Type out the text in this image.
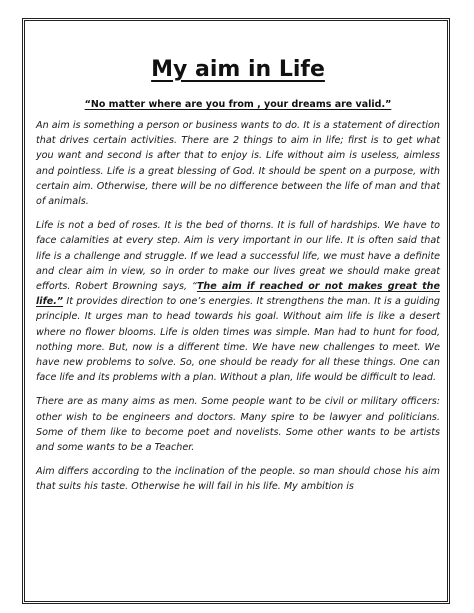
My aim in Life

“No matter where are you from , your dreams are valid.”

An aim is something a person or business wants to do. It is a statement of direction that drives certain activities. There are 2 things to aim in life; first is to get what you want and second is after that to enjoy is. Life without aim is useless, aimless and pointless. Life is a great blessing of God. It should be spent on a purpose, with certain aim. Otherwise, there will be no difference between the life of man and that of animals.

Life is not a bed of roses. It is the bed of thorns. It is full of hardships. We have to face calamities at every step. Aim is very important in our life. It is often said that life is a challenge and struggle. If we lead a successful life, we must have a definite and clear aim in view, so in order to make our lives great we should make great efforts. Robert Browning says, “The aim if reached or not makes great the life.” It provides direction to one’s energies. It strengthens the man. It is a guiding principle. It urges man to head towards his goal. Without aim life is like a desert where no flower blooms. Life is olden times was simple. Man had to hunt for food, nothing more. But, now is a different time. We have new challenges to meet. We have new problems to solve. So, one should be ready for all these things. One can face life and its problems with a plan. Without a plan, life would be difficult to lead.

There are as many aims as men. Some people want to be civil or military officers: other wish to be engineers and doctors. Many spire to be lawyer and politicians. Some of them like to become poet and novelists. Some other wants to be artists and some wants to be a Teacher.

Aim differs according to the inclination of the people. so man should chose his aim that suits his taste. Otherwise he will fail in his life. My ambition is
